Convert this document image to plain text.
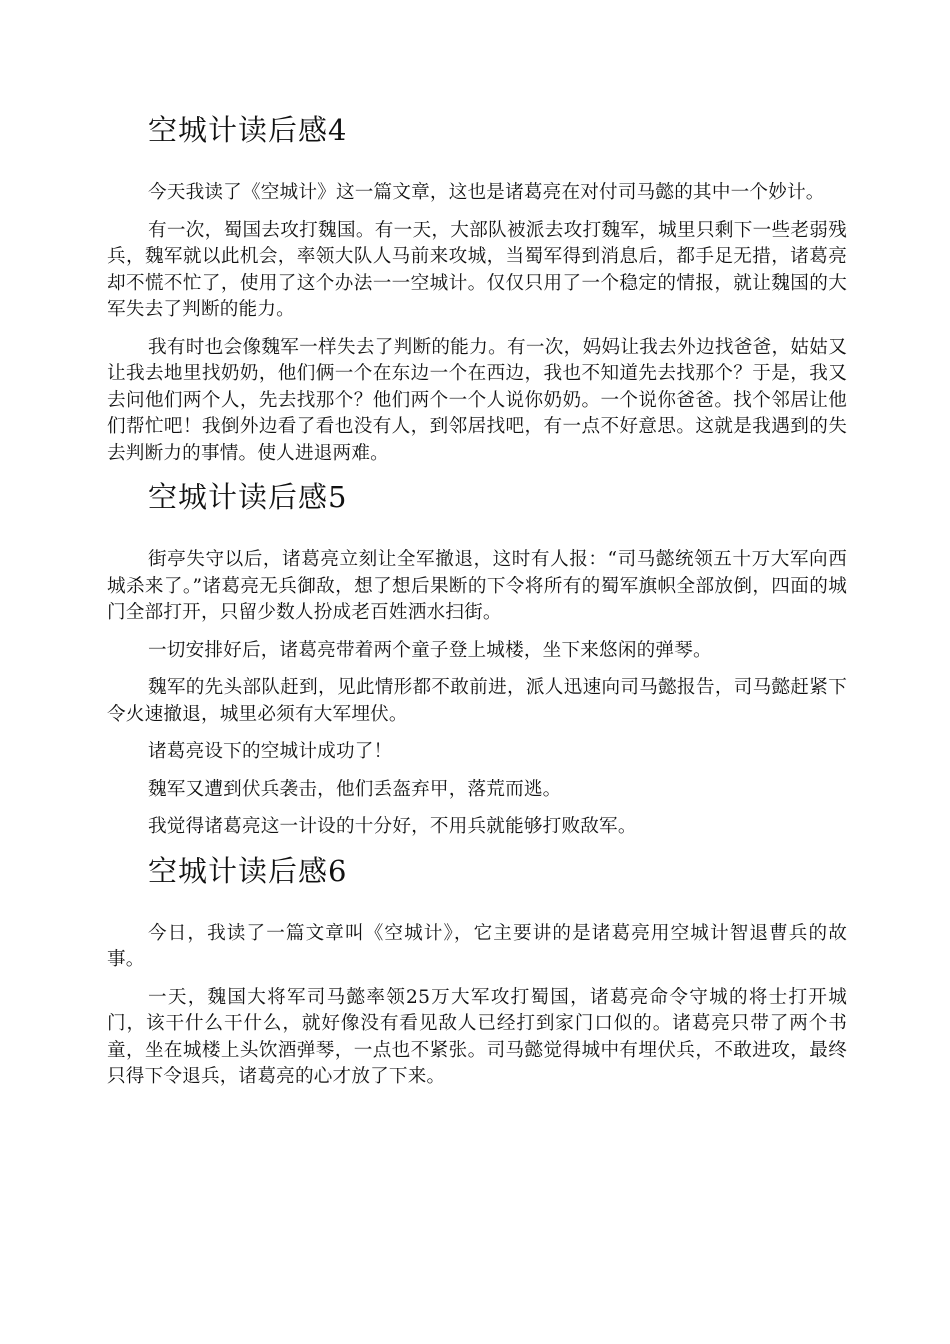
空城计读后感4

今天我读了《空城计》这一篇文章，这也是诸葛亮在对付司马懿的其中一个妙计。

有一次，蜀国去攻打魏国。有一天，大部队被派去攻打魏军，城里只剩下一些老弱残兵，魏军就以此机会，率领大队人马前来攻城，当蜀军得到消息后，都手足无措，诸葛亮却不慌不忙了，使用了这个办法一一空城计。仅仅只用了一个稳定的情报，就让魏国的大军失去了判断的能力。

我有时也会像魏军一样失去了判断的能力。有一次，妈妈让我去外边找爸爸，姑姑又让我去地里找奶奶，他们俩一个在东边一个在西边，我也不知道先去找那个？于是，我又去问他们两个人，先去找那个？他们两个一个人说你奶奶。一个说你爸爸。找个邻居让他们帮忙吧！我倒外边看了看也没有人，到邻居找吧，有一点不好意思。这就是我遇到的失去判断力的事情。使人进退两难。

空城计读后感5

街亭失守以后，诸葛亮立刻让全军撤退，这时有人报：“司马懿统领五十万大军向西城杀来了。”诸葛亮无兵御敌，想了想后果断的下令将所有的蜀军旗帜全部放倒，四面的城门全部打开，只留少数人扮成老百姓洒水扫街。

一切安排好后，诸葛亮带着两个童子登上城楼，坐下来悠闲的弹琴。

魏军的先头部队赶到，见此情形都不敢前进，派人迅速向司马懿报告，司马懿赶紧下令火速撤退，城里必须有大军埋伏。

诸葛亮设下的空城计成功了！

魏军又遭到伏兵袭击，他们丢盔弃甲，落荒而逃。

我觉得诸葛亮这一计设的十分好，不用兵就能够打败敌军。

空城计读后感6

今日，我读了一篇文章叫《空城计》，它主要讲的是诸葛亮用空城计智退曹兵的故事。

一天，魏国大将军司马懿率领25万大军攻打蜀国，诸葛亮命令守城的将士打开城门，该干什么干什么，就好像没有看见敌人已经打到家门口似的。诸葛亮只带了两个书童，坐在城楼上头饮酒弹琴，一点也不紧张。司马懿觉得城中有埋伏兵，不敢进攻，最终只得下令退兵，诸葛亮的心才放了下来。
